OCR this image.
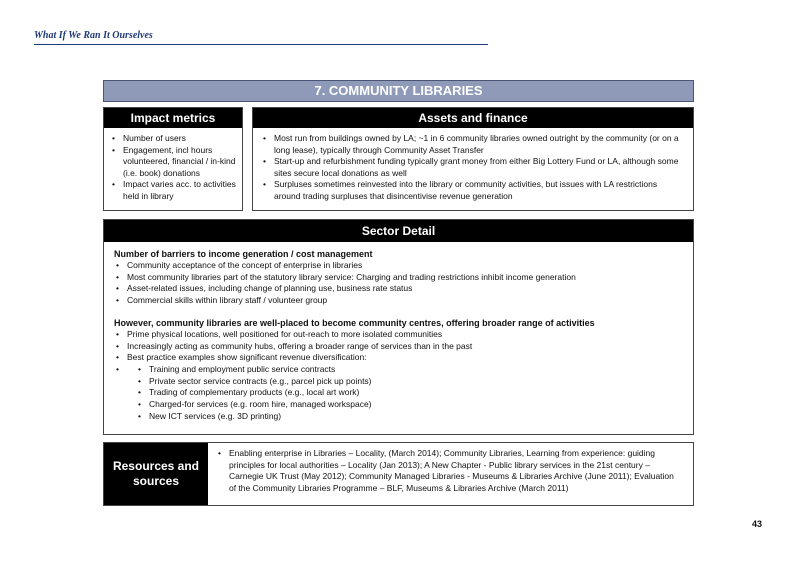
What If We Ran It Ourselves
7. COMMUNITY LIBRARIES
Impact metrics
• Number of users
• Engagement, incl hours volunteered, financial / in-kind (i.e. book) donations
• Impact varies acc. to activities held in library
Assets and finance
• Most run from buildings owned by LA; ~1 in 6 community libraries owned outright by the community (or on a long lease), typically through Community Asset Transfer
• Start-up and refurbishment funding typically grant money from either Big Lottery Fund or LA, although some sites secure local donations as well
• Surpluses sometimes reinvested into the library or community activities, but issues with LA restrictions around trading surpluses that disincentivise revenue generation
Sector Detail
Number of barriers to income generation / cost management
• Community acceptance of the concept of enterprise in libraries
• Most community libraries part of the statutory library service: Charging and trading restrictions inhibit income generation
• Asset-related issues, including change of planning use, business rate status
• Commercial skills within library staff / volunteer group
However, community libraries are well-placed to become community centres, offering broader range of activities
• Prime physical locations, well positioned for out-reach to more isolated communities
• Increasingly acting as community hubs, offering a broader range of services than in the past
• Best practice examples show significant revenue diversification:
• • Training and employment public service contracts
• Private sector service contracts (e.g., parcel pick up points)
• Trading of complementary products (e.g., local art work)
• Charged-for services (e.g. room hire, managed workspace)
• New ICT services (e.g. 3D printing)
Resources and sources
• Enabling enterprise in Libraries – Locality, (March 2014); Community Libraries, Learning from experience: guiding principles for local authorities – Locality (Jan 2013); A New Chapter - Public library services in the 21st century – Carnegie UK Trust (May 2012); Community Managed Libraries - Museums & Libraries Archive (June 2011); Evaluation of the Community Libraries Programme – BLF, Museums & Libraries Archive (March 2011)
43
